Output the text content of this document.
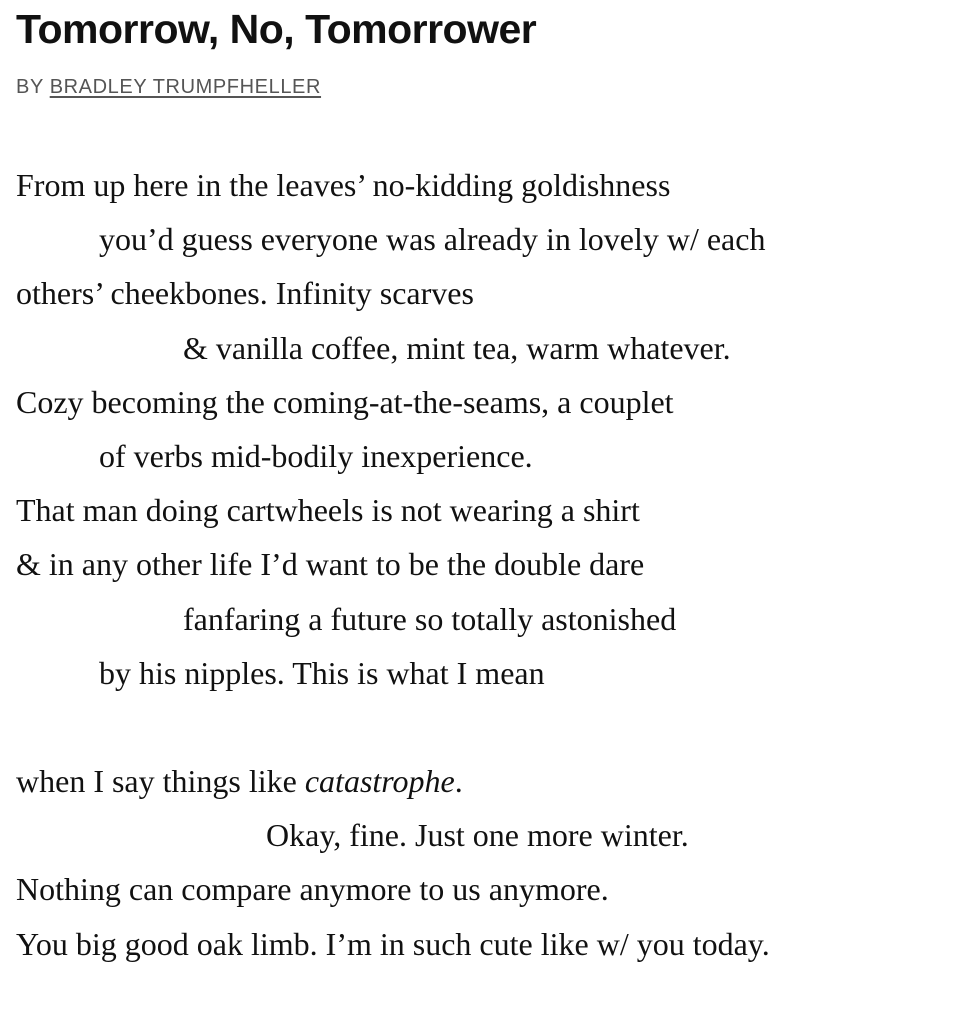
Tomorrow, No, Tomorrower
BY BRADLEY TRUMPFHELLER
From up here in the leaves’ no-kidding goldishness
you’d guess everyone was already in lovely w/ each
others’ cheekbones. Infinity scarves
& vanilla coffee, mint tea, warm whatever.
Cozy becoming the coming-at-the-seams, a couplet
of verbs mid-bodily inexperience.
That man doing cartwheels is not wearing a shirt
& in any other life I’d want to be the double dare
fanfaring a future so totally astonished
by his nipples. This is what I mean
when I say things like catastrophe.
Okay, fine. Just one more winter.
Nothing can compare anymore to us anymore.
You big good oak limb. I’m in such cute like w/ you today.
